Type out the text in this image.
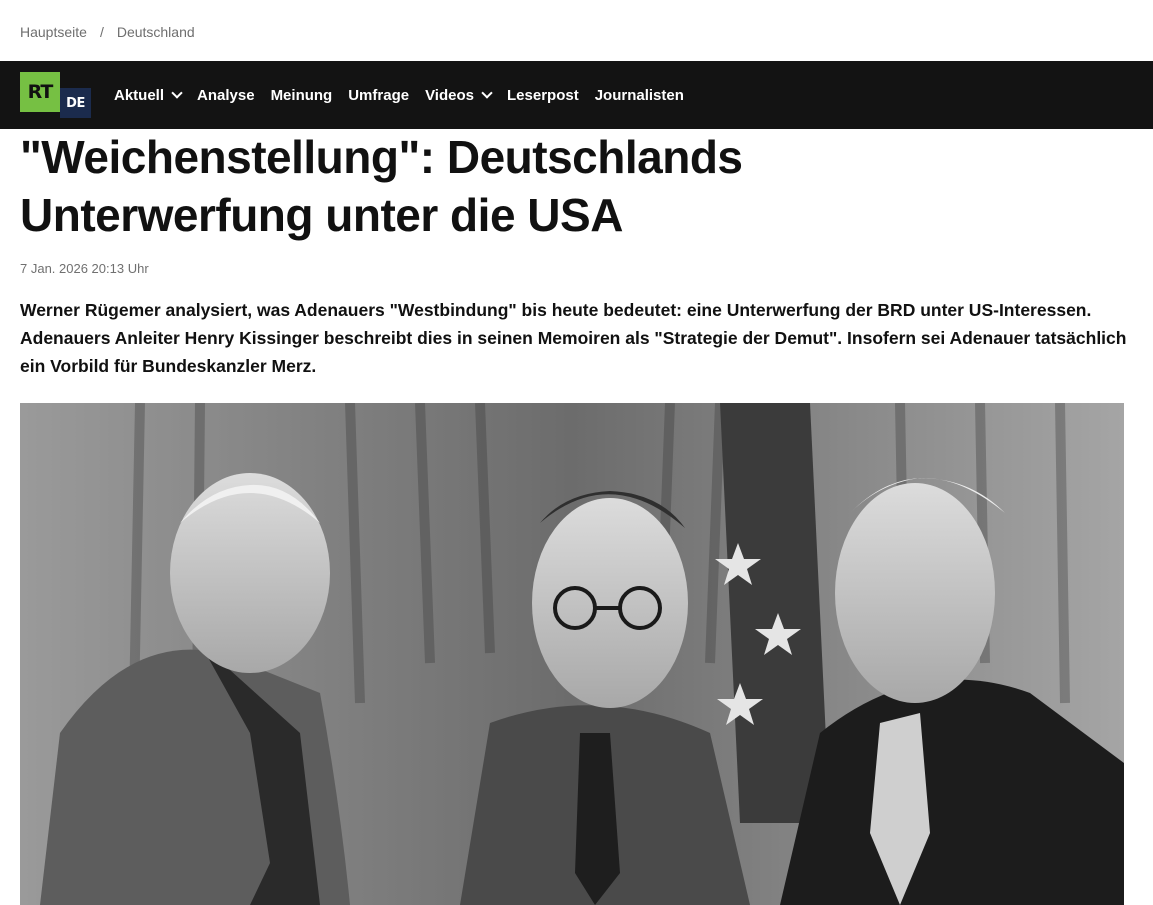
Hauptseite / Deutschland
RT	DE	Aktuell Analyse Meinung Umfrage Videos Leserpost Journalisten
"Weichenstellung": Deutschlands
Unterwerfung unter die USA
7 Jan. 2026 20:13 Uhr

Werner Rügemer analysiert, was Adenauers "Westbindung" bis heute bedeutet: eine Unterwerfung der BRD unter US-Interessen. Adenauers Anleiter Henry Kissinger beschreibt dies in seinen Memoiren als "Strategie der Demut". Insofern sei Adenauer tatsächlich ein Vorbild für Bundeskanzler Merz.
